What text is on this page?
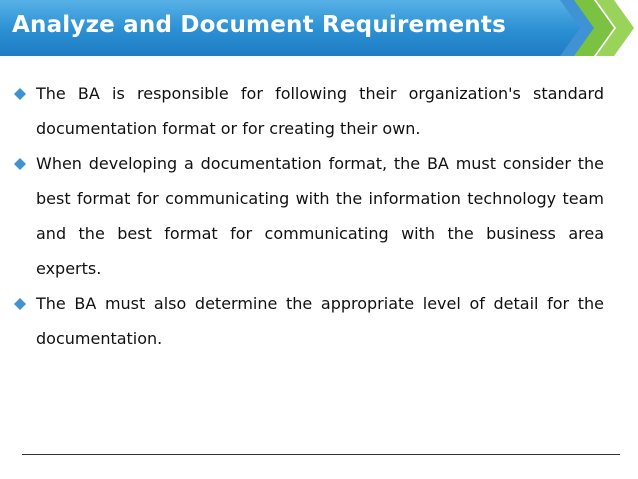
Analyze and Document Requirements
The BA is responsible for following their organization's standard documentation format or for creating their own.
When developing a documentation format, the BA must consider the best format for communicating with the information technology team and the best format for communicating with the business area experts.
The BA must also determine the appropriate level of detail for the documentation.
